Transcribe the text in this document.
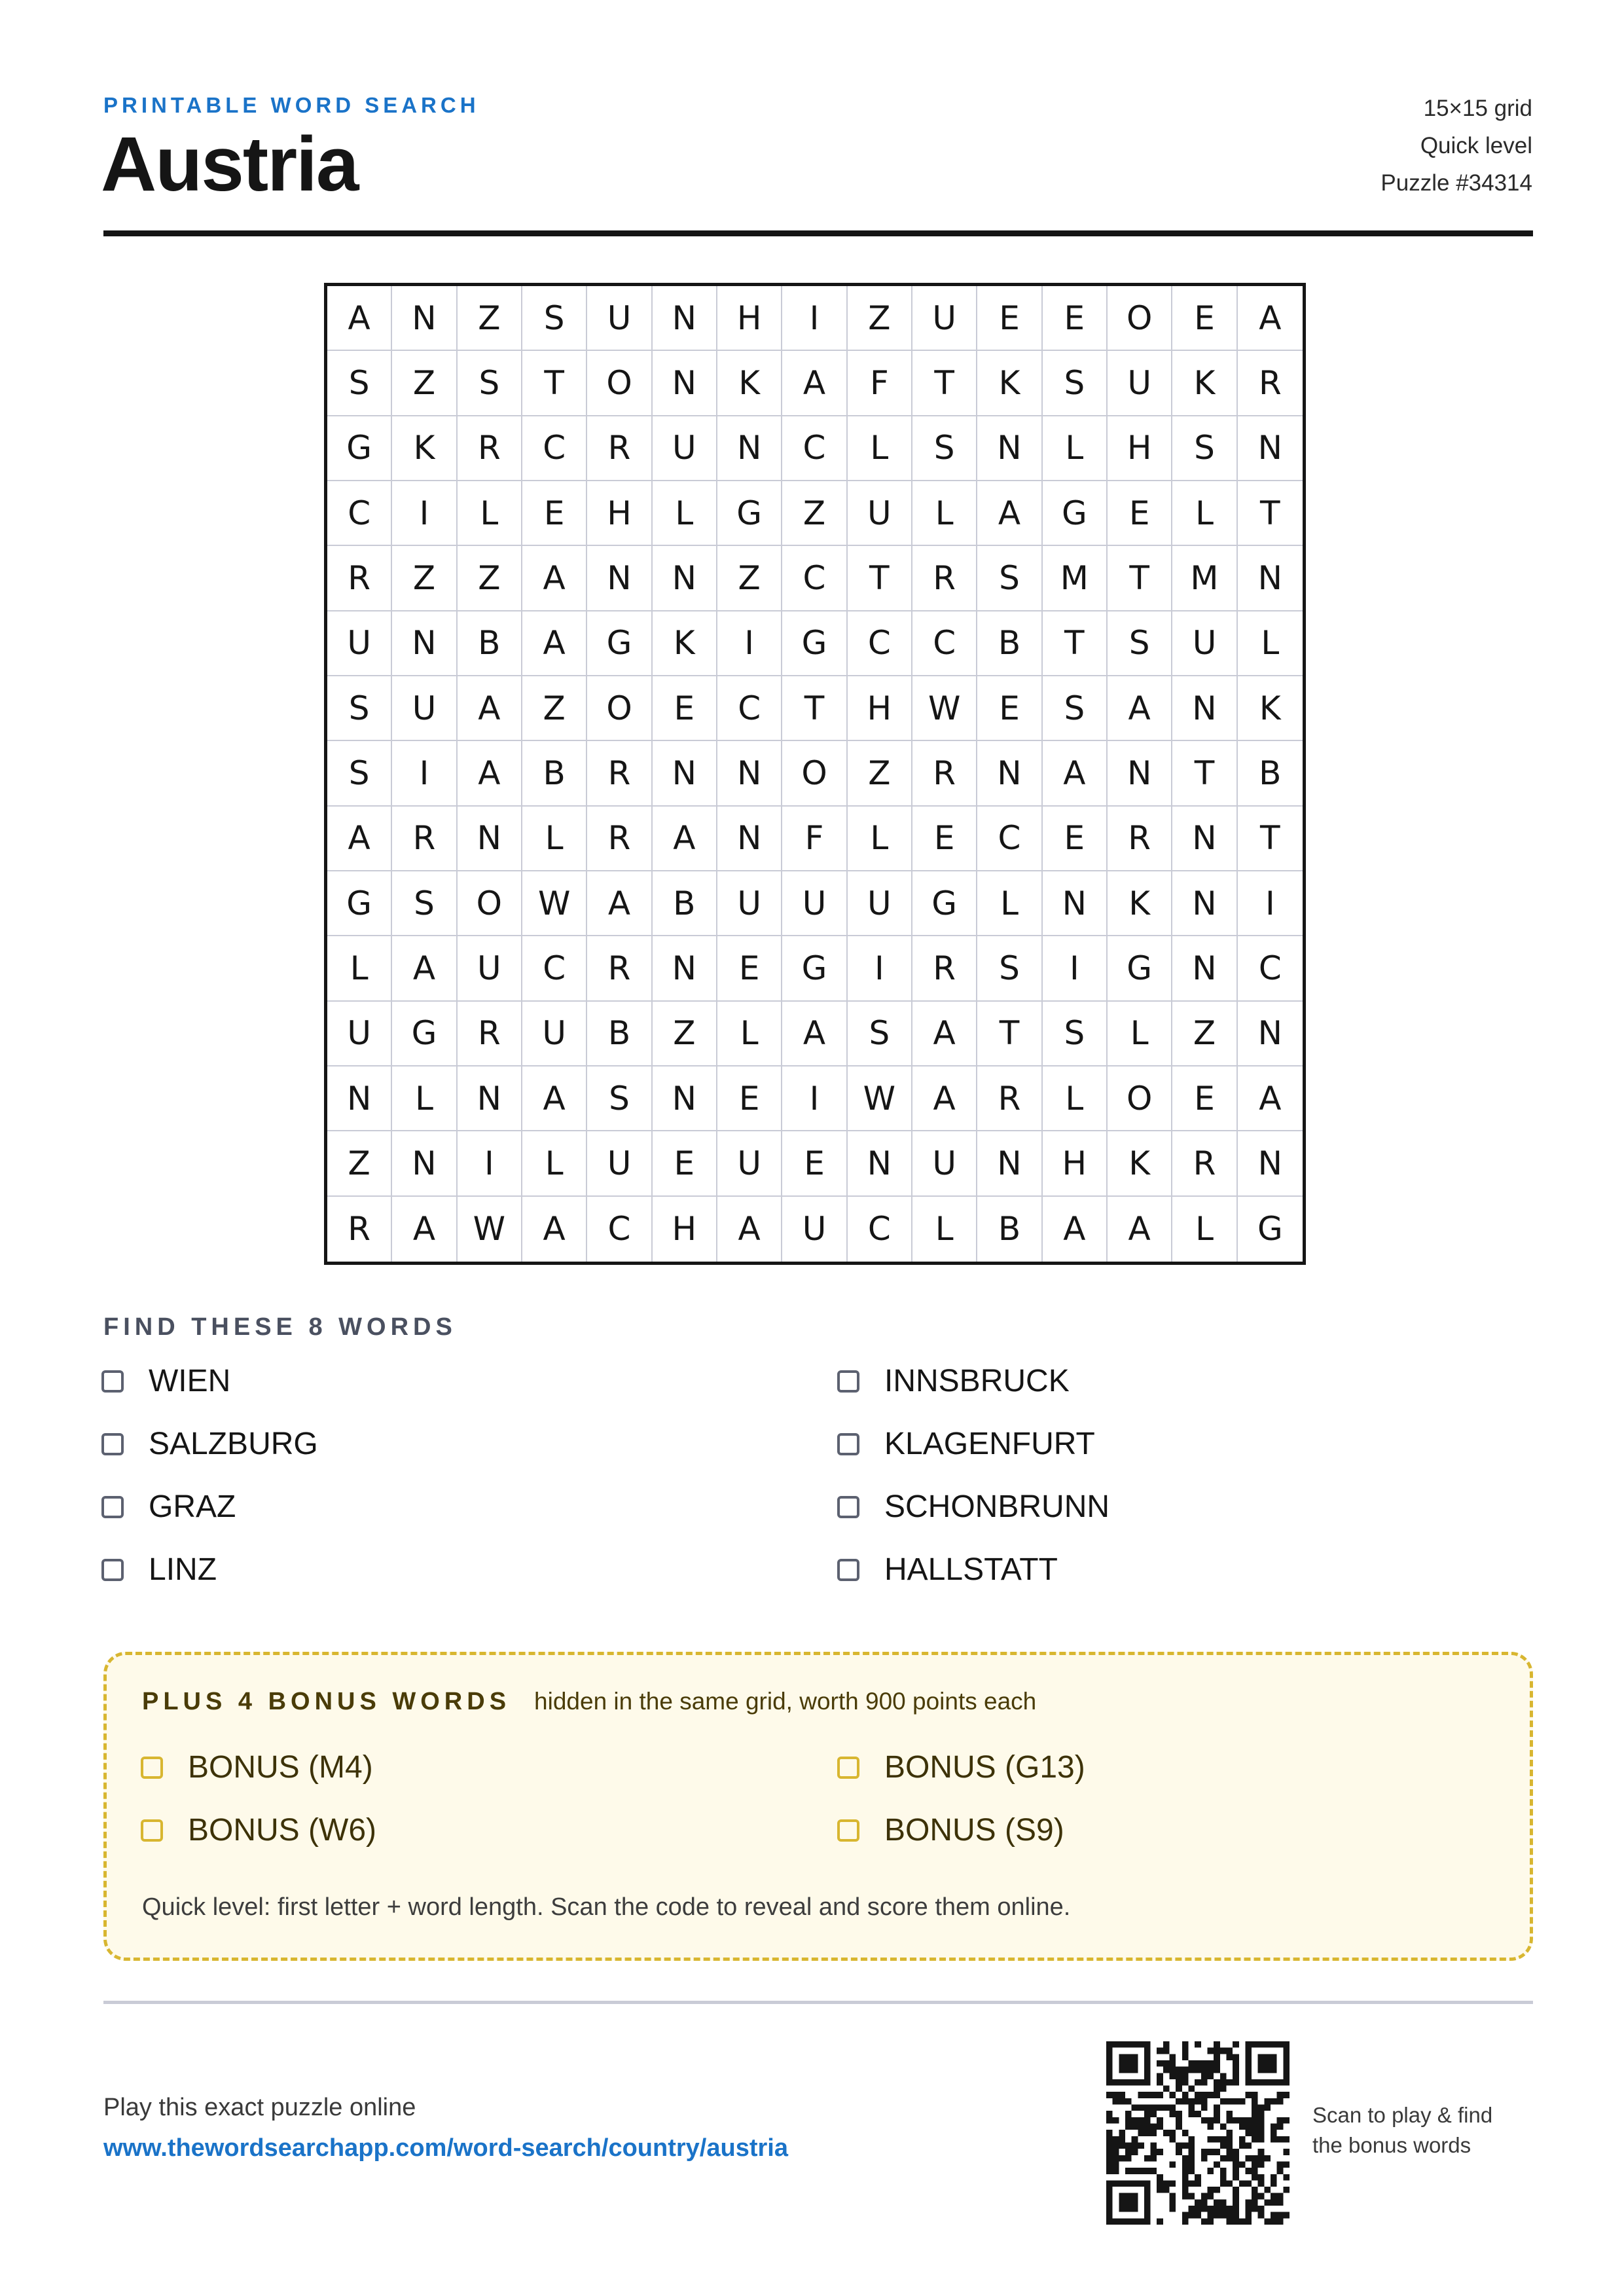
PRINTABLE WORD SEARCH
Austria
15×15 grid
Quick level
Puzzle #34314
A	N	Z	S	U	N	H	I	Z	U	E	E	O	E	A
S	Z	S	T	O	N	K	A	F	T	K	S	U	K	R
G	K	R	C	R	U	N	C	L	S	N	L	H	S	N
C	I	L	E	H	L	G	Z	U	L	A	G	E	L	T
R	Z	Z	A	N	N	Z	C	T	R	S	M	T	M	N
U	N	B	A	G	K	I	G	C	C	B	T	S	U	L
S	U	A	Z	O	E	C	T	H	W	E	S	A	N	K
S	I	A	B	R	N	N	O	Z	R	N	A	N	T	B
A	R	N	L	R	A	N	F	L	E	C	E	R	N	T
G	S	O	W	A	B	U	U	U	G	L	N	K	N	I
L	A	U	C	R	N	E	G	I	R	S	I	G	N	C
U	G	R	U	B	Z	L	A	S	A	T	S	L	Z	N
N	L	N	A	S	N	E	I	W	A	R	L	O	E	A
Z	N	I	L	U	E	U	E	N	U	N	H	K	R	N
R	A	W	A	C	H	A	U	C	L	B	A	A	L	G
FIND THESE 8 WORDS
WIEN
SALZBURG
GRAZ
LINZ
INNSBRUCK
KLAGENFURT
SCHONBRUNN
HALLSTATT
PLUS 4 BONUS WORDS hidden in the same grid, worth 900 points each
BONUS (M4)
BONUS (W6)
BONUS (G13)
BONUS (S9)
Quick level: first letter + word length. Scan the code to reveal and score them online.
Play this exact puzzle online
www.thewordsearchapp.com/word-search/country/austria
Scan to play & find
the bonus words
